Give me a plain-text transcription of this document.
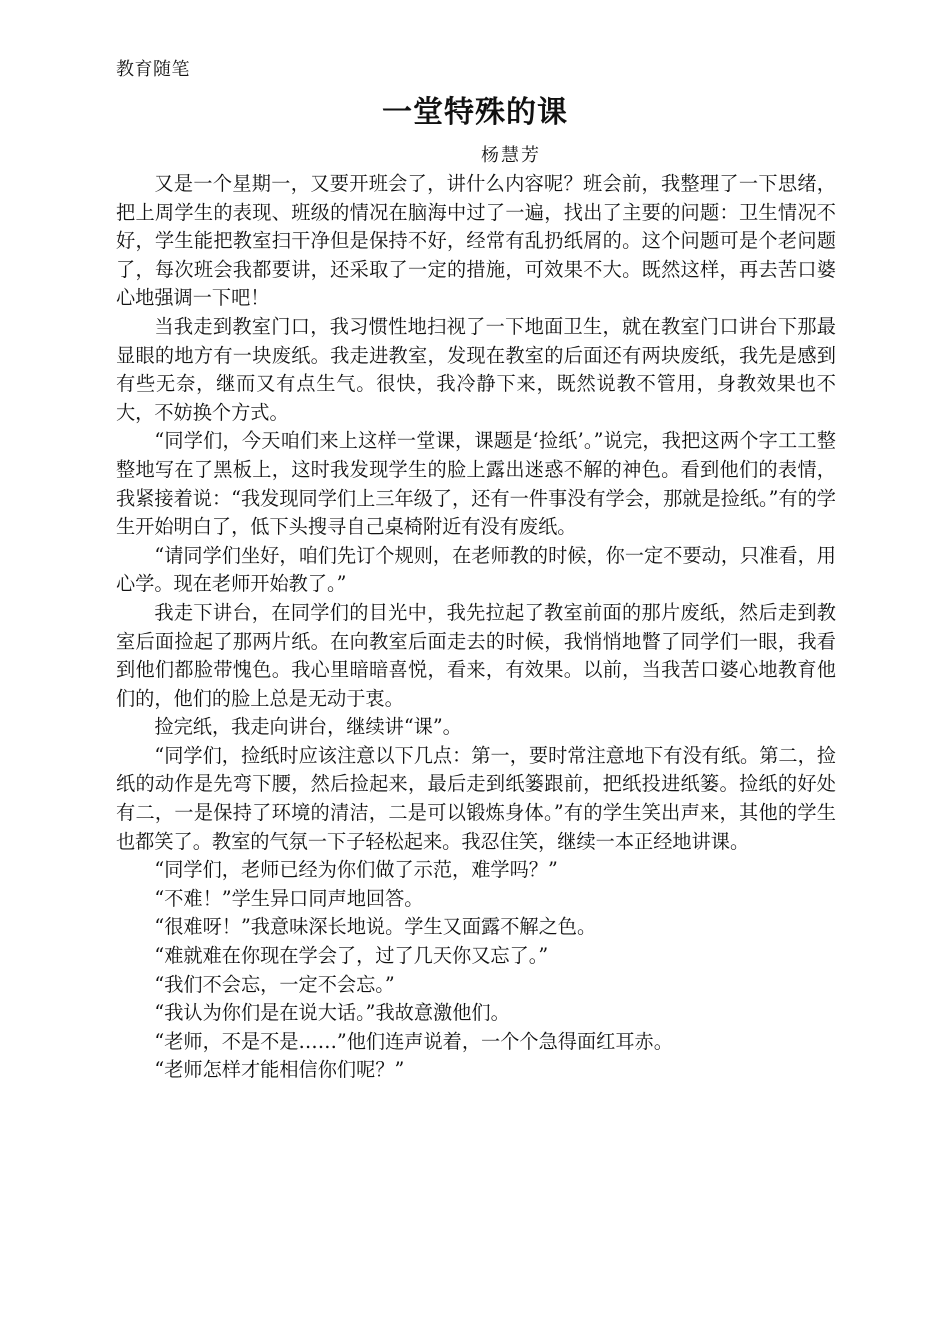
教育随笔
一堂特殊的课
杨慧芳

又是一个星期一，又要开班会了，讲什么内容呢？班会前，我整理了一下思绪，把上周学生的表现、班级的情况在脑海中过了一遍，找出了主要的问题：卫生情况不好，学生能把教室扫干净但是保持不好，经常有乱扔纸屑的。这个问题可是个老问题了，每次班会我都要讲，还采取了一定的措施，可效果不大。既然这样，再去苦口婆心地强调一下吧！

当我走到教室门口，我习惯性地扫视了一下地面卫生，就在教室门口讲台下那最显眼的地方有一块废纸。我走进教室，发现在教室的后面还有两块废纸，我先是感到有些无奈，继而又有点生气。很快，我冷静下来，既然说教不管用，身教效果也不大，不妨换个方式。

“同学们，今天咱们来上这样一堂课，课题是‘捡纸’。”说完，我把这两个字工工整整地写在了黑板上，这时我发现学生的脸上露出迷惑不解的神色。看到他们的表情，我紧接着说：“我发现同学们上三年级了，还有一件事没有学会，那就是捡纸。”有的学生开始明白了，低下头搜寻自己桌椅附近有没有废纸。

“请同学们坐好，咱们先订个规则，在老师教的时候，你一定不要动，只准看，用心学。现在老师开始教了。”

我走下讲台，在同学们的目光中，我先拉起了教室前面的那片废纸，然后走到教室后面捡起了那两片纸。在向教室后面走去的时候，我悄悄地瞥了同学们一眼，我看到他们都脸带愧色。我心里暗暗喜悦，看来，有效果。以前，当我苦口婆心地教育他们的，他们的脸上总是无动于衷。

捡完纸，我走向讲台，继续讲“课”。

“同学们，捡纸时应该注意以下几点：第一，要时常注意地下有没有纸。第二，捡纸的动作是先弯下腰，然后捡起来，最后走到纸篓跟前，把纸投进纸篓。捡纸的好处有二，一是保持了环境的清洁，二是可以锻炼身体。”有的学生笑出声来，其他的学生也都笑了。教室的气氛一下子轻松起来。我忍住笑，继续一本正经地讲课。

“同学们，老师已经为你们做了示范，难学吗？”

“不难！”学生异口同声地回答。

“很难呀！”我意味深长地说。学生又面露不解之色。

“难就难在你现在学会了，过了几天你又忘了。”

“我们不会忘，一定不会忘。”

“我认为你们是在说大话。”我故意激他们。

“老师，不是不是……”他们连声说着，一个个急得面红耳赤。

“老师怎样才能相信你们呢？”
